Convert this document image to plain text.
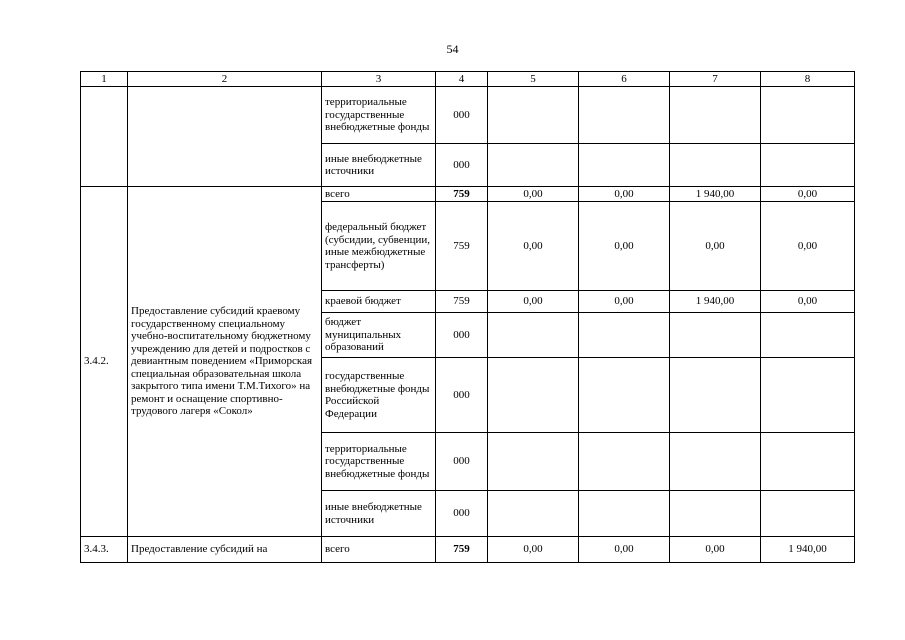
54
1	2	3	4	5	6	7	8
		территориальные государственные внебюджетные фонды	000				
		иные внебюджетные источники	000				
3.4.2.	Предоставление субсидий краевому государственному специальному учебно-воспитательному бюджетному учреждению для детей и подростков с девиантным поведением «Приморская специальная образовательная школа закрытого типа имени Т.М.Тихого» на ремонт и оснащение спортивно-трудового лагеря «Сокол»	всего	759	0,00	0,00	1 940,00	0,00
		федеральный бюджет (субсидии, субвенции, иные межбюджетные трансферты)	759	0,00	0,00	0,00	0,00
		краевой бюджет	759	0,00	0,00	1 940,00	0,00
		бюджет муниципальных образований	000				
		государственные внебюджетные фонды Российской Федерации	000				
		территориальные государственные внебюджетные фонды	000				
		иные внебюджетные источники	000				
3.4.3.	Предоставление субсидий на	всего	759	0,00	0,00	0,00	1 940,00
